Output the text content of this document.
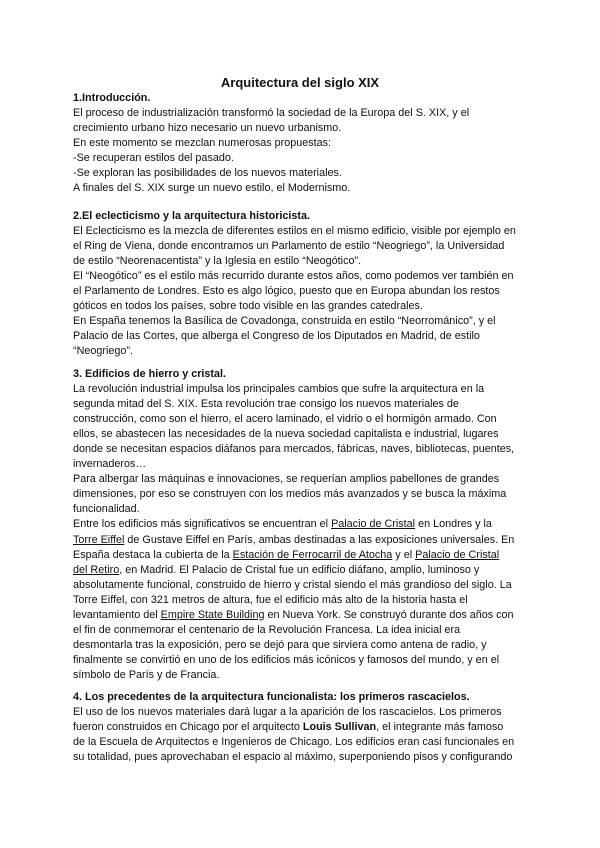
Arquitectura del siglo XIX
1.Introducción.
El proceso de industrialización transformó la sociedad de la Europa del S. XIX, y el
crecimiento urbano hizo necesario un nuevo urbanismo.
En este momento se mezclan numerosas propuestas:
-Se recuperan estilos del pasado.
-Se exploran las posibilidades de los nuevos materiales.
A finales del S. XIX surge un nuevo estilo, el Modernismo.
2.El eclecticismo y la arquitectura historicista.
El Eclecticismo es la mezcla de diferentes estilos en el mismo edificio, visible por ejemplo en
el Ring de Viena, donde encontramos un Parlamento de estilo “Neogriego”, la Universidad
de estilo “Neorenacentista” y la Iglesia en estilo “Neogótico”.
El “Neogótico” es el estilo más recurrido durante estos años, como podemos ver también en
el Parlamento de Londres. Esto es algo lógico, puesto que en Europa abundan los restos
góticos en todos los países, sobre todo visible en las grandes catedrales.
En España tenemos la Basílica de Covadonga, construida en estilo “Neorrománico”, y el
Palacio de las Cortes, que alberga el Congreso de los Diputados en Madrid, de estilo
“Neogriego”.
3. Edificios de hierro y cristal.
La revolución industrial impulsa los principales cambios que sufre la arquitectura en la
segunda mitad del S. XIX. Esta revolución trae consigo los nuevos materiales de
construcción, como son el hierro, el acero laminado, el vidrio o el hormigón armado. Con
ellos, se abastecen las necesidades de la nueva sociedad capitalista e industrial, lugares
donde se necesitan espacios diáfanos para mercados, fábricas, naves, bibliotecas, puentes,
invernaderos…
Para albergar las máquinas e innovaciones, se requerían amplios pabellones de grandes
dimensiones, por eso se construyen con los medios más avanzados y se busca la máxima
funcionalidad.
Entre los edificios más significativos se encuentran el Palacio de Cristal en Londres y la
Torre Eiffel de Gustave Eiffel en París, ambas destinadas a las exposiciones universales. En
España destaca la cubierta de la Estación de Ferrocarril de Atocha y el Palacio de Cristal
del Retiro, en Madrid. El Palacio de Cristal fue un edificio diáfano, amplio, luminoso y
absolutamente funcional, construido de hierro y cristal siendo el más grandioso del siglo. La
Torre Eiffel, con 321 metros de altura, fue el edificio más alto de la historia hasta el
levantamiento del Empire State Building en Nueva York. Se construyó durante dos años con
el fin de conmemorar el centenario de la Revolución Francesa. La idea inicial era
desmontarla tras la exposición, pero se dejó para que sirviera como antena de radio, y
finalmente se convirtió en uno de los edificios más icónicos y famosos del mundo, y en el
símbolo de París y de Francia.
4. Los precedentes de la arquitectura funcionalista: los primeros rascacielos.
El uso de los nuevos materiales dará lugar a la aparición de los rascacielos. Los primeros
fueron construidos en Chicago por el arquitecto Louis Sullivan, el integrante más famoso
de la Escuela de Arquitectos e Ingenieros de Chicago. Los edificios eran casi funcionales en
su totalidad, pues aprovechaban el espacio al máximo, superponiendo pisos y configurando
